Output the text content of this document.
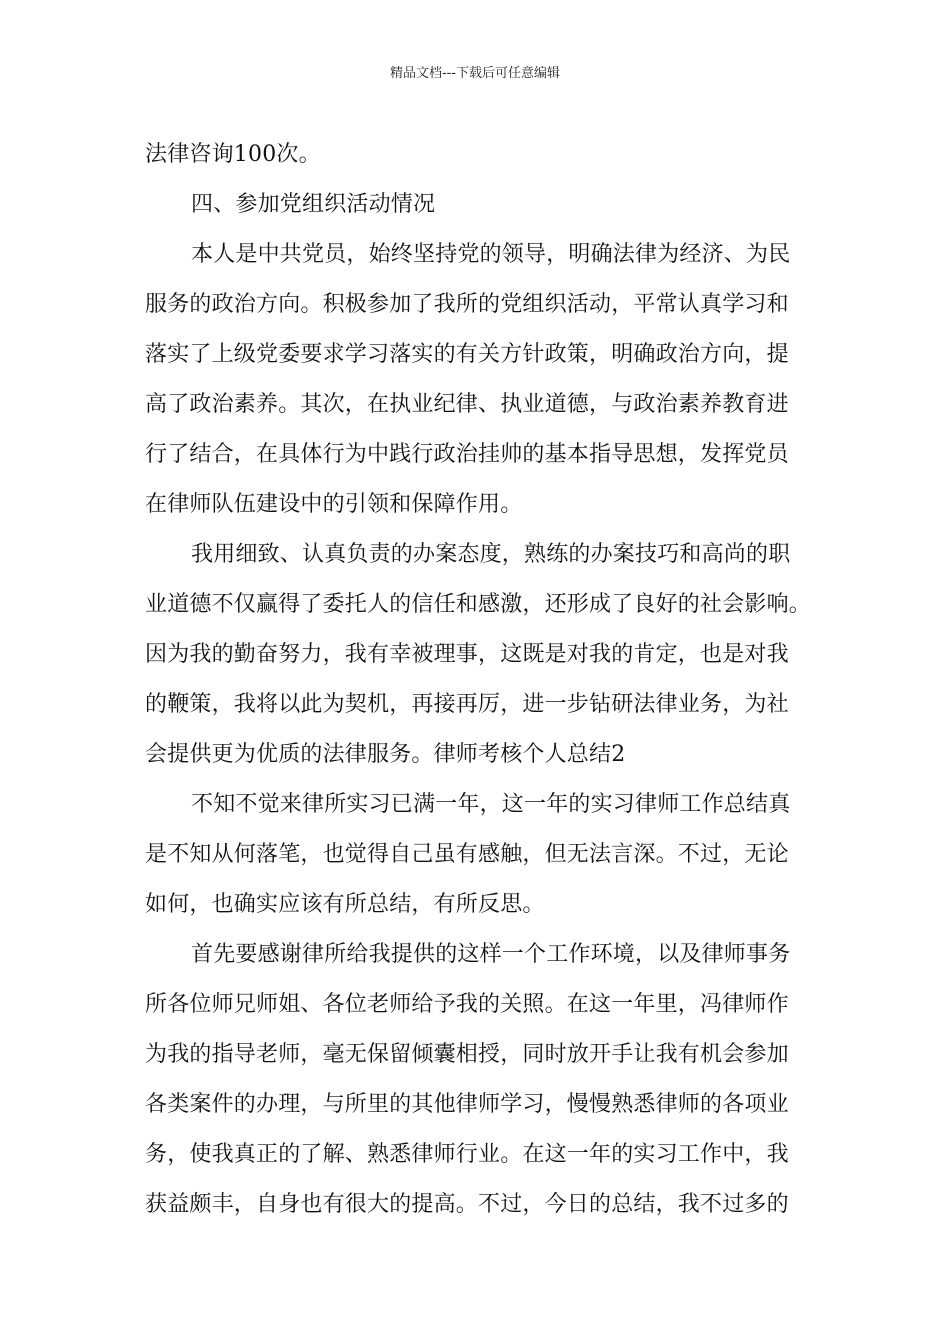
精品文档---下载后可任意编辑
法律咨询100次。
四、参加党组织活动情况
本人是中共党员，始终坚持党的领导，明确法律为经济、为民
服务的政治方向。积极参加了我所的党组织活动，平常认真学习和
落实了上级党委要求学习落实的有关方针政策，明确政治方向，提
高了政治素养。其次，在执业纪律、执业道德，与政治素养教育进
行了结合，在具体行为中践行政治挂帅的基本指导思想，发挥党员
在律师队伍建设中的引领和保障作用。
我用细致、认真负责的办案态度，熟练的办案技巧和高尚的职
业道德不仅赢得了委托人的信任和感激，还形成了良好的社会影响。
因为我的勤奋努力，我有幸被理事，这既是对我的肯定，也是对我
的鞭策，我将以此为契机，再接再厉，进一步钻研法律业务，为社
会提供更为优质的法律服务。律师考核个人总结2
不知不觉来律所实习已满一年，这一年的实习律师工作总结真
是不知从何落笔，也觉得自己虽有感触，但无法言深。不过，无论
如何，也确实应该有所总结，有所反思。
首先要感谢律所给我提供的这样一个工作环境，以及律师事务
所各位师兄师姐、各位老师给予我的关照。在这一年里，冯律师作
为我的指导老师，毫无保留倾囊相授，同时放开手让我有机会参加
各类案件的办理，与所里的其他律师学习，慢慢熟悉律师的各项业
务，使我真正的了解、熟悉律师行业。在这一年的实习工作中，我
获益颇丰，自身也有很大的提高。不过，今日的总结，我不过多的
